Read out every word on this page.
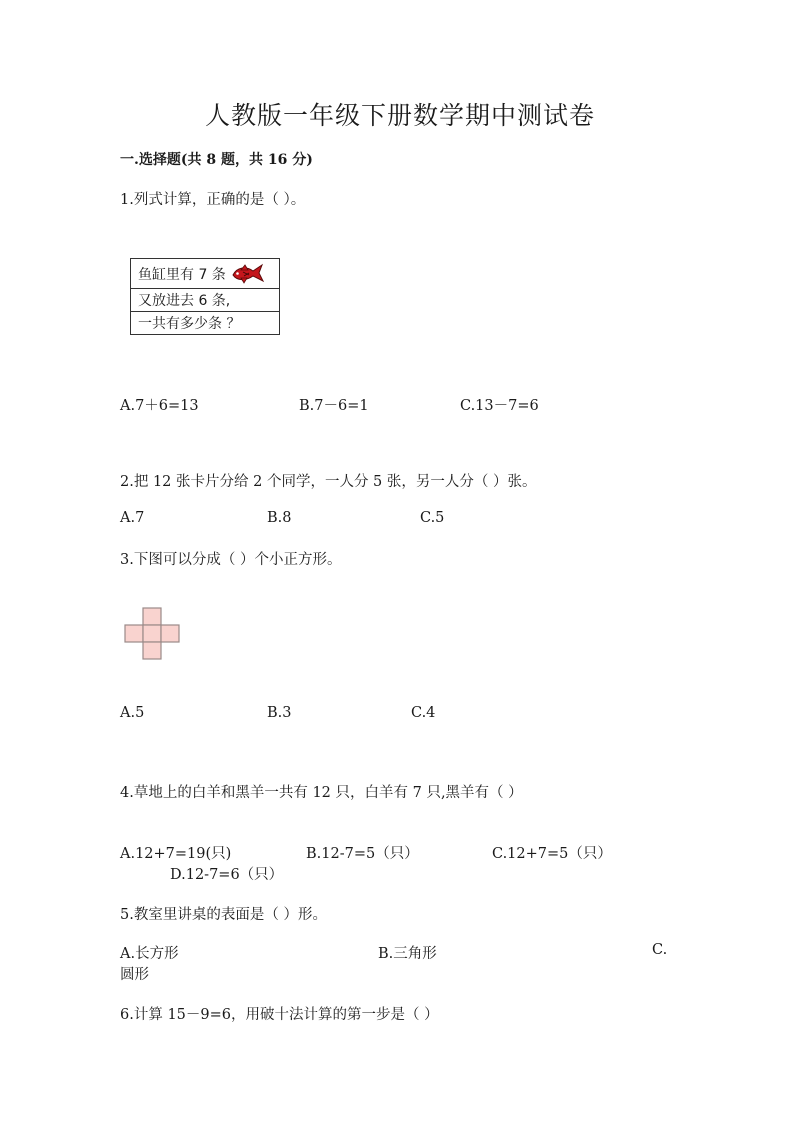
人教版一年级下册数学期中测试卷
一.选择题(共 8 题，共 16 分)
1.列式计算，正确的是（ ）。
鱼缸里有 7 条

又放进去 6 条,
一共有多少条 ？
A.7＋6=13	B.7－6=1	C.13－7=6
2.把 12 张卡片分给 2 个同学，一人分 5 张，另一人分（ ）张。
A.7	B.8	C.5
3.下图可以分成（ ）个小正方形。
A.5	B.3	C.4
4.草地上的白羊和黑羊一共有 12 只，白羊有 7 只,黑羊有（ ）
A.12+7=19(只)	B.12-7=5（只）	C.12+7=5（只）
D.12-7=6（只）
5.教室里讲桌的表面是（ ）形。
A.长方形	B.三角形	C.
圆形
6.计算 15－9=6，用破十法计算的第一步是（ ）
